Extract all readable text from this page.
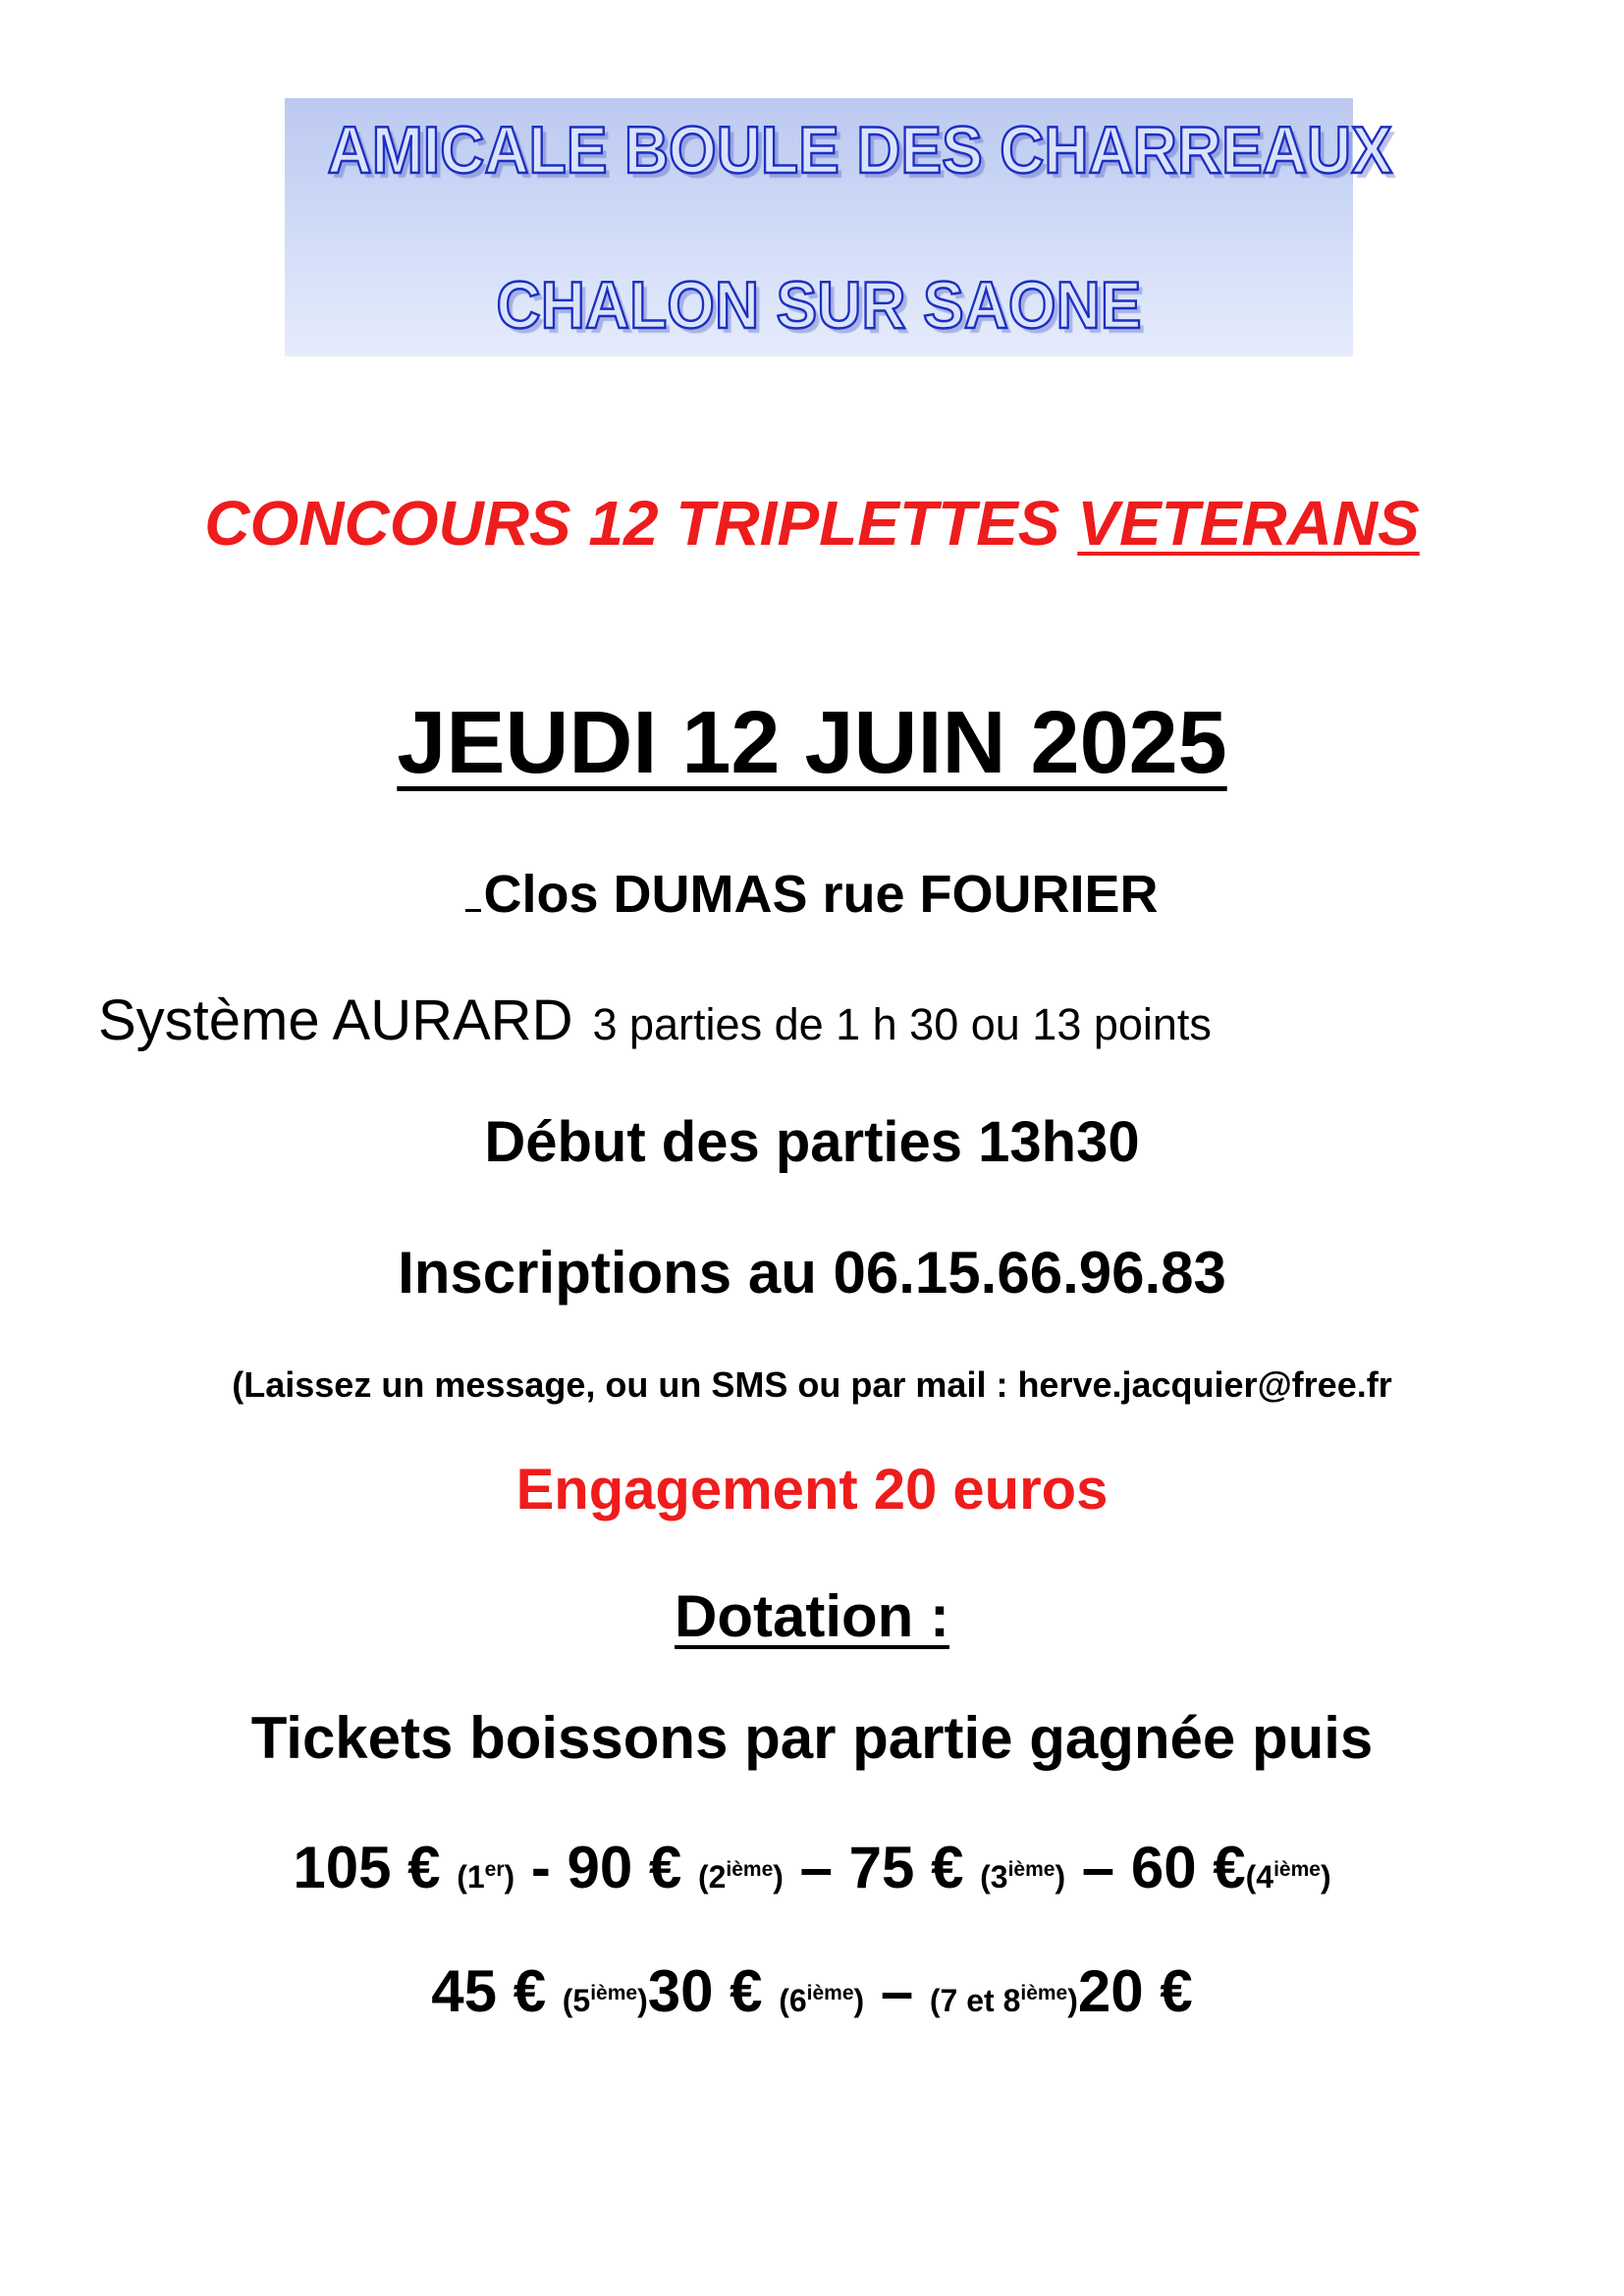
AMICALE BOULE DES CHARREAUX
CHALON SUR SAONE
CONCOURS 12 TRIPLETTES VETERANS
JEUDI 12 JUIN 2025
Clos DUMAS rue FOURIER
Système AURARD 3 parties de 1 h 30 ou 13 points
Début des parties 13h30
Inscriptions au 06.15.66.96.83
(Laissez un message, ou un SMS ou par mail : herve.jacquier@free.fr
Engagement 20 euros
Dotation :
Tickets boissons par partie gagnée puis
105 € (1er) - 90 € (2ième) – 75 € (3ième) – 60 €(4ième)
45 € (5ième)30 € (6ième) – (7 et 8ième)20 €
